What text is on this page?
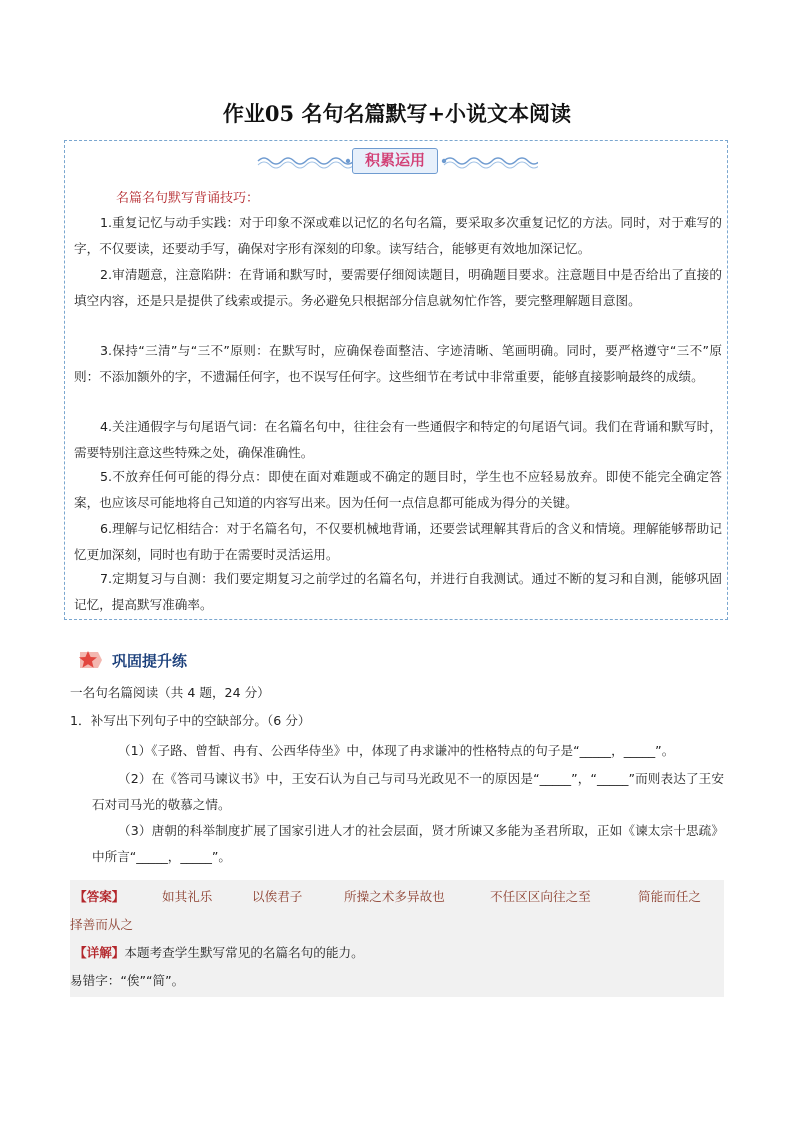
作业05 名句名篇默写+小说文本阅读
积累运用
名篇名句默写背诵技巧：
1.重复记忆与动手实践：对于印象不深或难以记忆的名句名篇，要采取多次重复记忆的方法。同时，对于难写的字，不仅要读，还要动手写，确保对字形有深刻的印象。读写结合，能够更有效地加深记忆。
2.审清题意，注意陷阱：在背诵和默写时，要需要仔细阅读题目，明确题目要求。注意题目中是否给出了直接的填空内容，还是只是提供了线索或提示。务必避免只根据部分信息就匆忙作答，要完整理解题目意图。
3.保持“三清”与“三不”原则：在默写时，应确保卷面整洁、字迹清晰、笔画明确。同时，要严格遵守“三不”原则：不添加额外的字，不遗漏任何字，也不误写任何字。这些细节在考试中非常重要，能够直接影响最终的成绩。
4.关注通假字与句尾语气词：在名篇名句中，往往会有一些通假字和特定的句尾语气词。我们在背诵和默写时，需要特别注意这些特殊之处，确保准确性。
5.不放弃任何可能的得分点：即使在面对难题或不确定的题目时，学生也不应轻易放弃。即使不能完全确定答案，也应该尽可能地将自己知道的内容写出来。因为任何一点信息都可能成为得分的关键。
6.理解与记忆相结合：对于名篇名句，不仅要机械地背诵，还要尝试理解其背后的含义和情境。理解能够帮助记忆更加深刻，同时也有助于在需要时灵活运用。
7.定期复习与自测：我们要定期复习之前学过的名篇名句，并进行自我测试。通过不断的复习和自测，能够巩固记忆，提高默写准确率。
巩固提升练
一名句名篇阅读（共 4 题，24 分）
1．补写出下列句子中的空缺部分。（6 分）
（1）《子路、曾皙、冉有、公西华侍坐》中，体现了冉求谦冲的性格特点的句子是“_____，_____”。
（2）在《答司马谏议书》中，王安石认为自己与司马光政见不一的原因是“_____”，“_____”而则表达了王安石对司马光的敬慕之情。
（3）唐朝的科举制度扩展了国家引进人才的社会层面，贤才所谏又多能为圣君所取，正如《谏太宗十思疏》中所言“_____，_____”。
【答案】	如其礼乐	以俟君子	所操之术多异故也	不任区区向往之至	简能而任之
择善而从之
【详解】本题考查学生默写常见的名篇名句的能力。
易错字：“俟”“简”。
